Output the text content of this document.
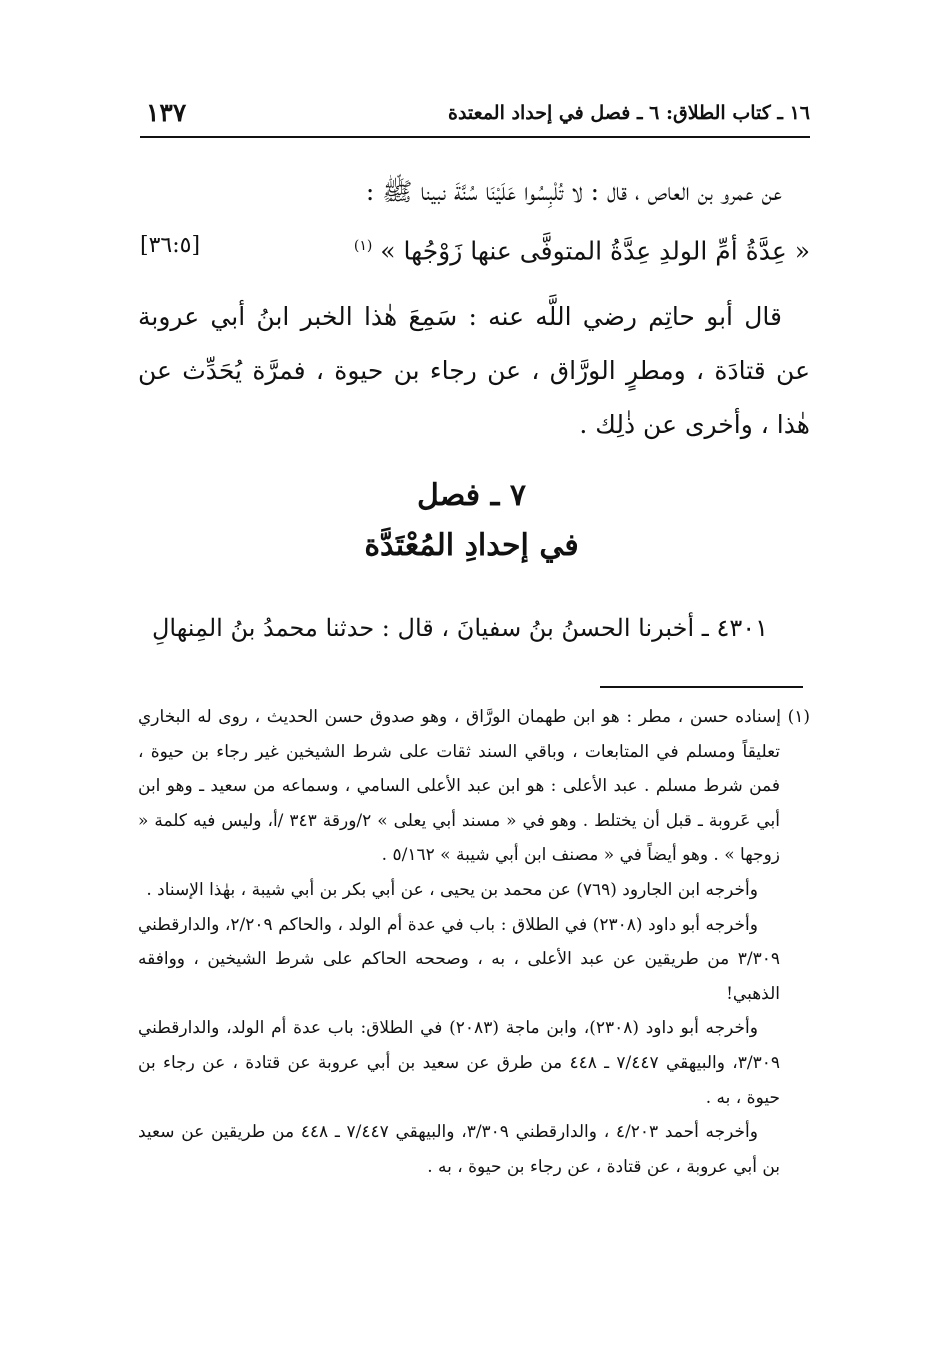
١٦ ـ كتاب الطلاق: ٦ ـ فصل في إحداد المعتدة
١٣٧

عن عمرو بن العاص ، قال : لا تُلْبِسُوا عَلَيْنَا سُنَّةَ نبينا ﷺ :

« عِدَّةُ أمِّ الولدِ عِدَّةُ المتوفَّى عنها زَوْجُها » $^{(١)}$
[٣٦:٥]

قال أبو حاتِم رضي اللَّه عنه : سَمِعَ هٰذا الخبر ابنُ أبي عروبة عن قتادَة ، ومطرٍ الورَّاق ، عن رجاء بن حيوة ، فمرَّة يُحَدِّث عن هٰذا ، وأخرى عن ذٰلِك .

٧ ـ فصل
في إحدادِ المُعْتَدَّة
٤٣٠١ ـ أخبرنا الحسنُ بنُ سفيانَ ، قال : حدثنا محمدُ بنُ المِنهالِ

(١) إسناده حسن ، مطر : هو ابن طهمان الورَّاق ، وهو صدوق حسن الحديث ، روى له البخاري تعليقاً ومسلم في المتابعات ، وباقي السند ثقات على شرط الشيخين غير رجاء بن حيوة ، فمن شرط مسلم . عبد الأعلى : هو ابن عبد الأعلى السامي ، وسماعه من سعيد ـ وهو ابن أبي عَروبة ـ قبل أن يختلط . وهو في « مسند أبي يعلى » ٢/ورقة ٣٤٣ /أ، وليس فيه كلمة « زوجها » . وهو أيضاً في « مصنف ابن أبي شيبة » ٥/١٦٢ .

وأخرجه ابن الجارود (٧٦٩) عن محمد بن يحيى ، عن أبي بكر بن أبي شيبة ، بهٰذا الإسناد .

وأخرجه أبو داود (٢٣٠٨) في الطلاق : باب في عدة أم الولد ، والحاكم ٢/٢٠٩، والدارقطني ٣/٣٠٩ من طريقين عن عبد الأعلى ، به ، وصححه الحاكم على شرط الشيخين ، ووافقه الذهبي!

وأخرجه أبو داود (٢٣٠٨)، وابن ماجة (٢٠٨٣) في الطلاق: باب عدة أم الولد، والدارقطني ٣/٣٠٩، والبيهقي ٧/٤٤٧ ـ ٤٤٨ من طرق عن سعيد بن أبي عروبة عن قتادة ، عن رجاء بن حيوة ، به .

وأخرجه أحمد ٤/٢٠٣ ، والدارقطني ٣/٣٠٩، والبيهقي ٧/٤٤٧ ـ ٤٤٨ من طريقين عن سعيد بن أبي عروبة ، عن قتادة ، عن رجاء بن حيوة ، به .
